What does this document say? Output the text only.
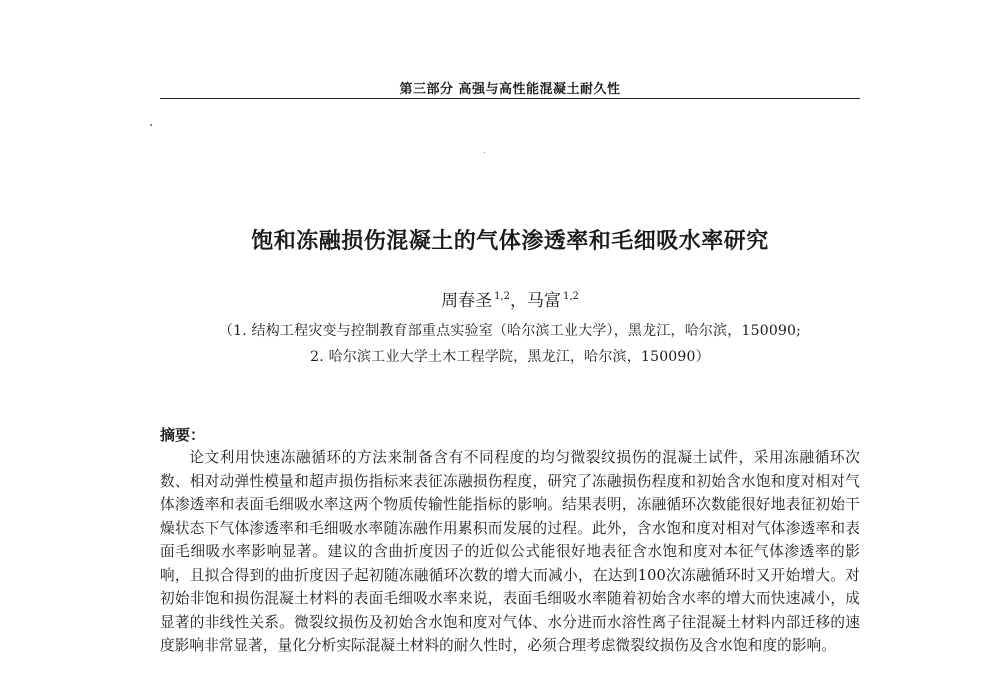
第三部分 高强与高性能混凝土耐久性
饱和冻融损伤混凝土的气体渗透率和毛细吸水率研究
周春圣 $^{1,2}$，马富 $^{1,2}$
（1. 结构工程灾变与控制教育部重点实验室（哈尔滨工业大学），黑龙江，哈尔滨，150090;
2. 哈尔滨工业大学土木工程学院，黑龙江，哈尔滨，150090）
摘要：
论文利用快速冻融循环的方法来制备含有不同程度的均匀微裂纹损伤的混凝土试件，采用冻融循环次数、相对动弹性模量和超声损伤指标来表征冻融损伤程度，研究了冻融损伤程度和初始含水饱和度对相对气体渗透率和表面毛细吸水率这两个物质传输性能指标的影响。结果表明，冻融循环次数能很好地表征初始干燥状态下气体渗透率和毛细吸水率随冻融作用累积而发展的过程。此外，含水饱和度对相对气体渗透率和表面毛细吸水率影响显著。建议的含曲折度因子的近似公式能很好地表征含水饱和度对本征气体渗透率的影响，且拟合得到的曲折度因子起初随冻融循环次数的增大而减小，在达到100次冻融循环时又开始增大。对初始非饱和损伤混凝土材料的表面毛细吸水率来说，表面毛细吸水率随着初始含水率的增大而快速减小，成显著的非线性关系。微裂纹损伤及初始含水饱和度对气体、水分进而水溶性离子往混凝土材料内部迁移的速度影响非常显著，量化分析实际混凝土材料的耐久性时，必须合理考虑微裂纹损伤及含水饱和度的影响。
